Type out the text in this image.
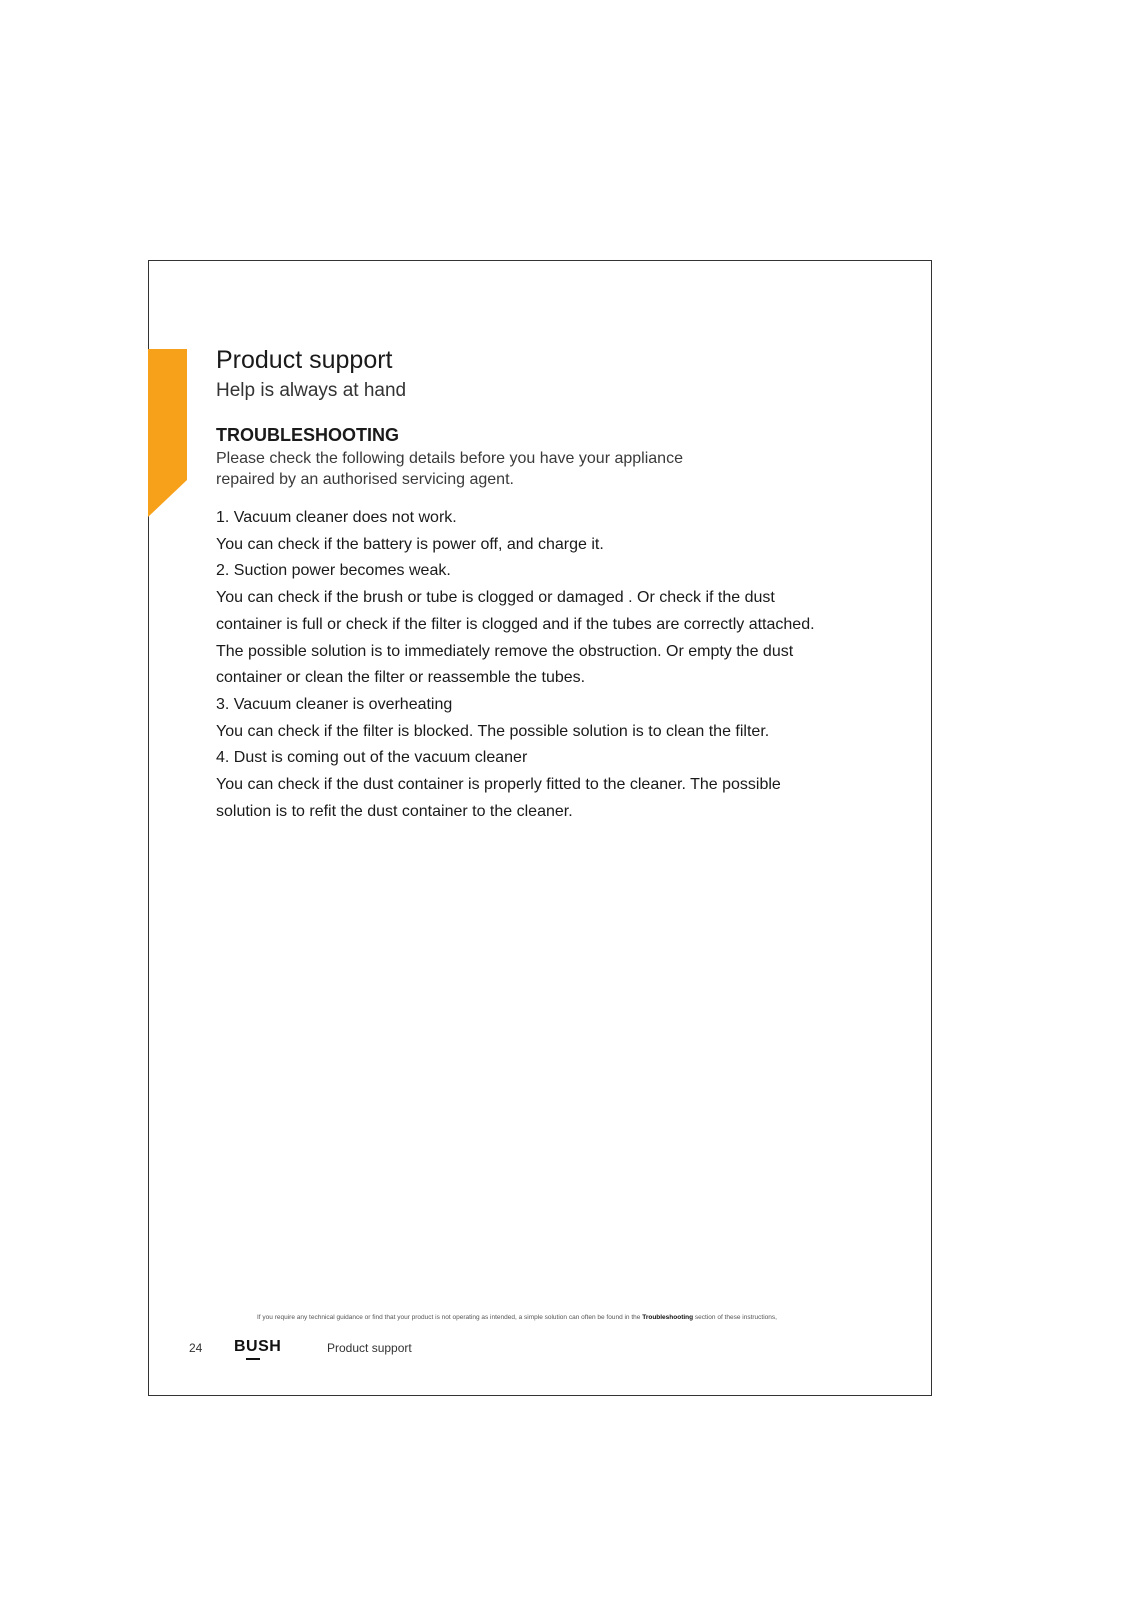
Product support

Help is always at hand

TROUBLESHOOTING

Please check the following details before you have your appliance repaired by an authorised servicing agent.

1. Vacuum cleaner does not work.

You can check if the battery is power off, and charge it.

2. Suction power becomes weak.

You can check if the brush or tube is clogged or damaged . Or check if the dust container is full or check if the filter is clogged and if the tubes are correctly attached. The possible solution is to immediately remove the obstruction. Or empty the dust container or clean the filter or reassemble the tubes.

3. Vacuum cleaner is overheating

You can check if the filter is blocked. The possible solution is to clean the filter.

4. Dust is coming out of the vacuum cleaner

You can check if the dust container is properly fitted to the cleaner. The possible solution is to refit the dust container to the cleaner.

If you require any technical guidance or find that your product is not operating as intended, a simple solution can often be found in the Troubleshooting section of these instructions,
24 BUSH	Product support
